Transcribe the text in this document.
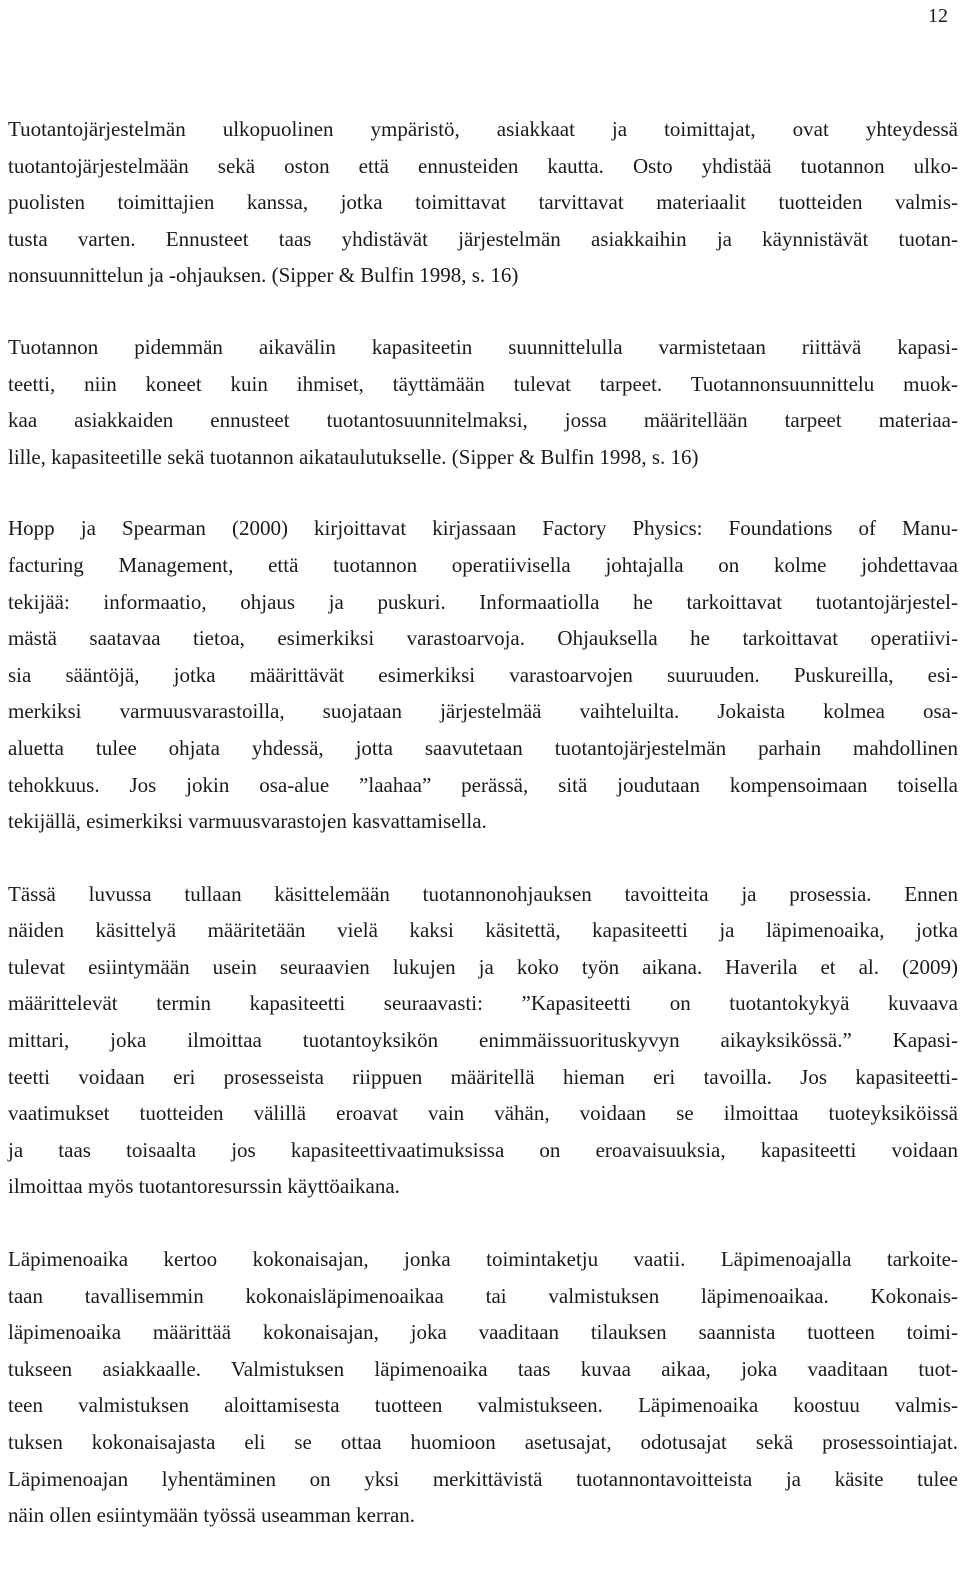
12

Tuotantojärjestelmän ulkopuolinen ympäristö, asiakkaat ja toimittajat, ovat yhteydessä
tuotantojärjestelmään sekä oston että ennusteiden kautta. Osto yhdistää tuotannon ulko-
puolisten toimittajien kanssa, jotka toimittavat tarvittavat materiaalit tuotteiden valmis-
tusta varten. Ennusteet taas yhdistävät järjestelmän asiakkaihin ja käynnistävät tuotan-
nonsuunnittelun ja -ohjauksen. (Sipper & Bulfin 1998, s. 16)

Tuotannon pidemmän aikavälin kapasiteetin suunnittelulla varmistetaan riittävä kapasi-
teetti, niin koneet kuin ihmiset, täyttämään tulevat tarpeet. Tuotannonsuunnittelu muok-
kaa asiakkaiden ennusteet tuotantosuunnitelmaksi, jossa määritellään tarpeet materiaa-
lille, kapasiteetille sekä tuotannon aikataulutukselle. (Sipper & Bulfin 1998, s. 16)

Hopp ja Spearman (2000) kirjoittavat kirjassaan Factory Physics: Foundations of Manu-
facturing Management, että tuotannon operatiivisella johtajalla on kolme johdettavaa
tekijää: informaatio, ohjaus ja puskuri. Informaatiolla he tarkoittavat tuotantojärjestel-
mästä saatavaa tietoa, esimerkiksi varastoarvoja. Ohjauksella he tarkoittavat operatiivi-
sia sääntöjä, jotka määrittävät esimerkiksi varastoarvojen suuruuden. Puskureilla, esi-
merkiksi varmuusvarastoilla, suojataan järjestelmää vaihteluilta. Jokaista kolmea osa-
aluetta tulee ohjata yhdessä, jotta saavutetaan tuotantojärjestelmän parhain mahdollinen
tehokkuus. Jos jokin osa-alue ”laahaa” perässä, sitä joudutaan kompensoimaan toisella
tekijällä, esimerkiksi varmuusvarastojen kasvattamisella.

Tässä luvussa tullaan käsittelemään tuotannonohjauksen tavoitteita ja prosessia. Ennen
näiden käsittelyä määritetään vielä kaksi käsitettä, kapasiteetti ja läpimenoaika, jotka
tulevat esiintymään usein seuraavien lukujen ja koko työn aikana. Haverila et al. (2009)
määrittelevät termin kapasiteetti seuraavasti: ”Kapasiteetti on tuotantokykyä kuvaava
mittari, joka ilmoittaa tuotantoyksikön enimmäissuorituskyvyn aikayksikössä.” Kapasi-
teetti voidaan eri prosesseista riippuen määritellä hieman eri tavoilla. Jos kapasiteetti-
vaatimukset tuotteiden välillä eroavat vain vähän, voidaan se ilmoittaa tuoteyksiköissä
ja taas toisaalta jos kapasiteettivaatimuksissa on eroavaisuuksia, kapasiteetti voidaan
ilmoittaa myös tuotantoresurssin käyttöaikana.

Läpimenoaika kertoo kokonaisajan, jonka toimintaketju vaatii. Läpimenoajalla tarkoite-
taan tavallisemmin kokonaisläpimenoaikaa tai valmistuksen läpimenoaikaa. Kokonais-
läpimenoaika määrittää kokonaisajan, joka vaaditaan tilauksen saannista tuotteen toimi-
tukseen asiakkaalle. Valmistuksen läpimenoaika taas kuvaa aikaa, joka vaaditaan tuot-
teen valmistuksen aloittamisesta tuotteen valmistukseen. Läpimenoaika koostuu valmis-
tuksen kokonaisajasta eli se ottaa huomioon asetusajat, odotusajat sekä prosessointiajat.
Läpimenoajan lyhentäminen on yksi merkittävistä tuotannontavoitteista ja käsite tulee
näin ollen esiintymään työssä useamman kerran.
